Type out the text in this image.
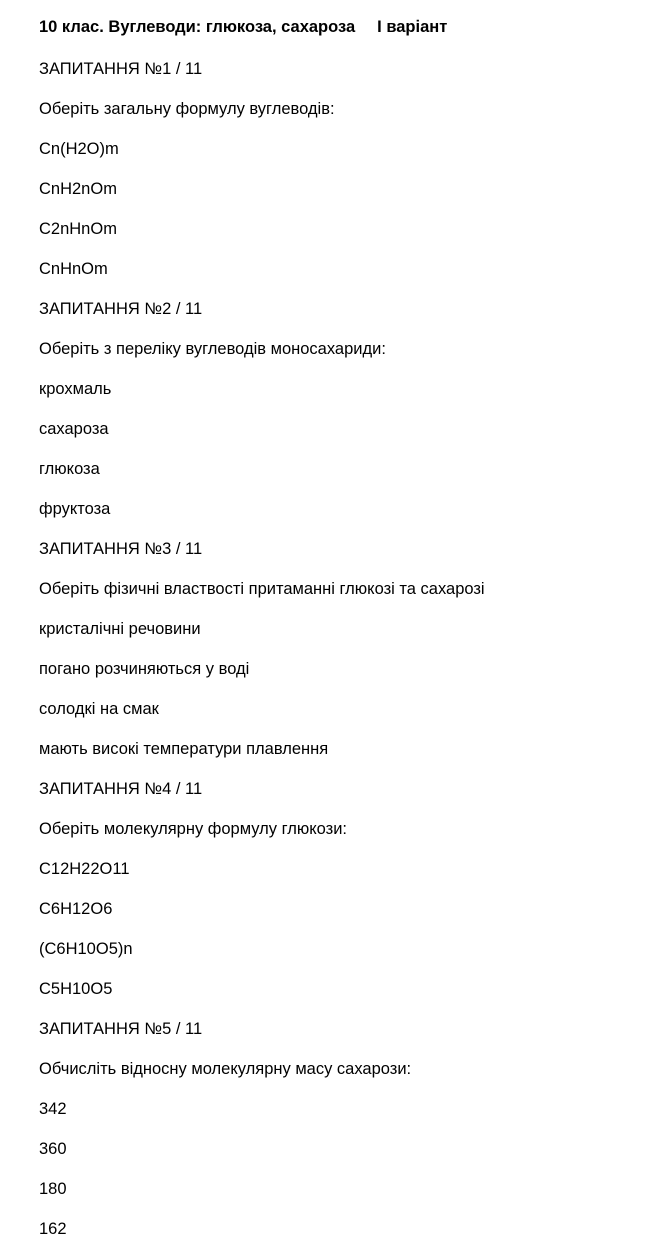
10 клас. Вуглеводи: глюкоза, сахароза I варіант
ЗАПИТАННЯ №1 / 11
Оберіть загальну формулу вуглеводів:
Cn(H2O)m
CnH2nOm
C2nHnOm
CnHnOm
ЗАПИТАННЯ №2 / 11
Оберіть з переліку вуглеводів моносахариди:
крохмаль
сахароза
глюкоза
фруктоза
ЗАПИТАННЯ №3 / 11
Оберіть фізичні властвості притаманні глюкозі та сахарозі
кристалічні речовини
погано розчиняються у воді
солодкі на смак
мають високі температури плавлення
ЗАПИТАННЯ №4 / 11
Оберіть молекулярну формулу глюкози:
C12H22O11
C6H12O6
(C6H10O5)n
C5H10O5
ЗАПИТАННЯ №5 / 11
Обчисліть відносну молекулярну масу сахарози:
342
360
180
162
